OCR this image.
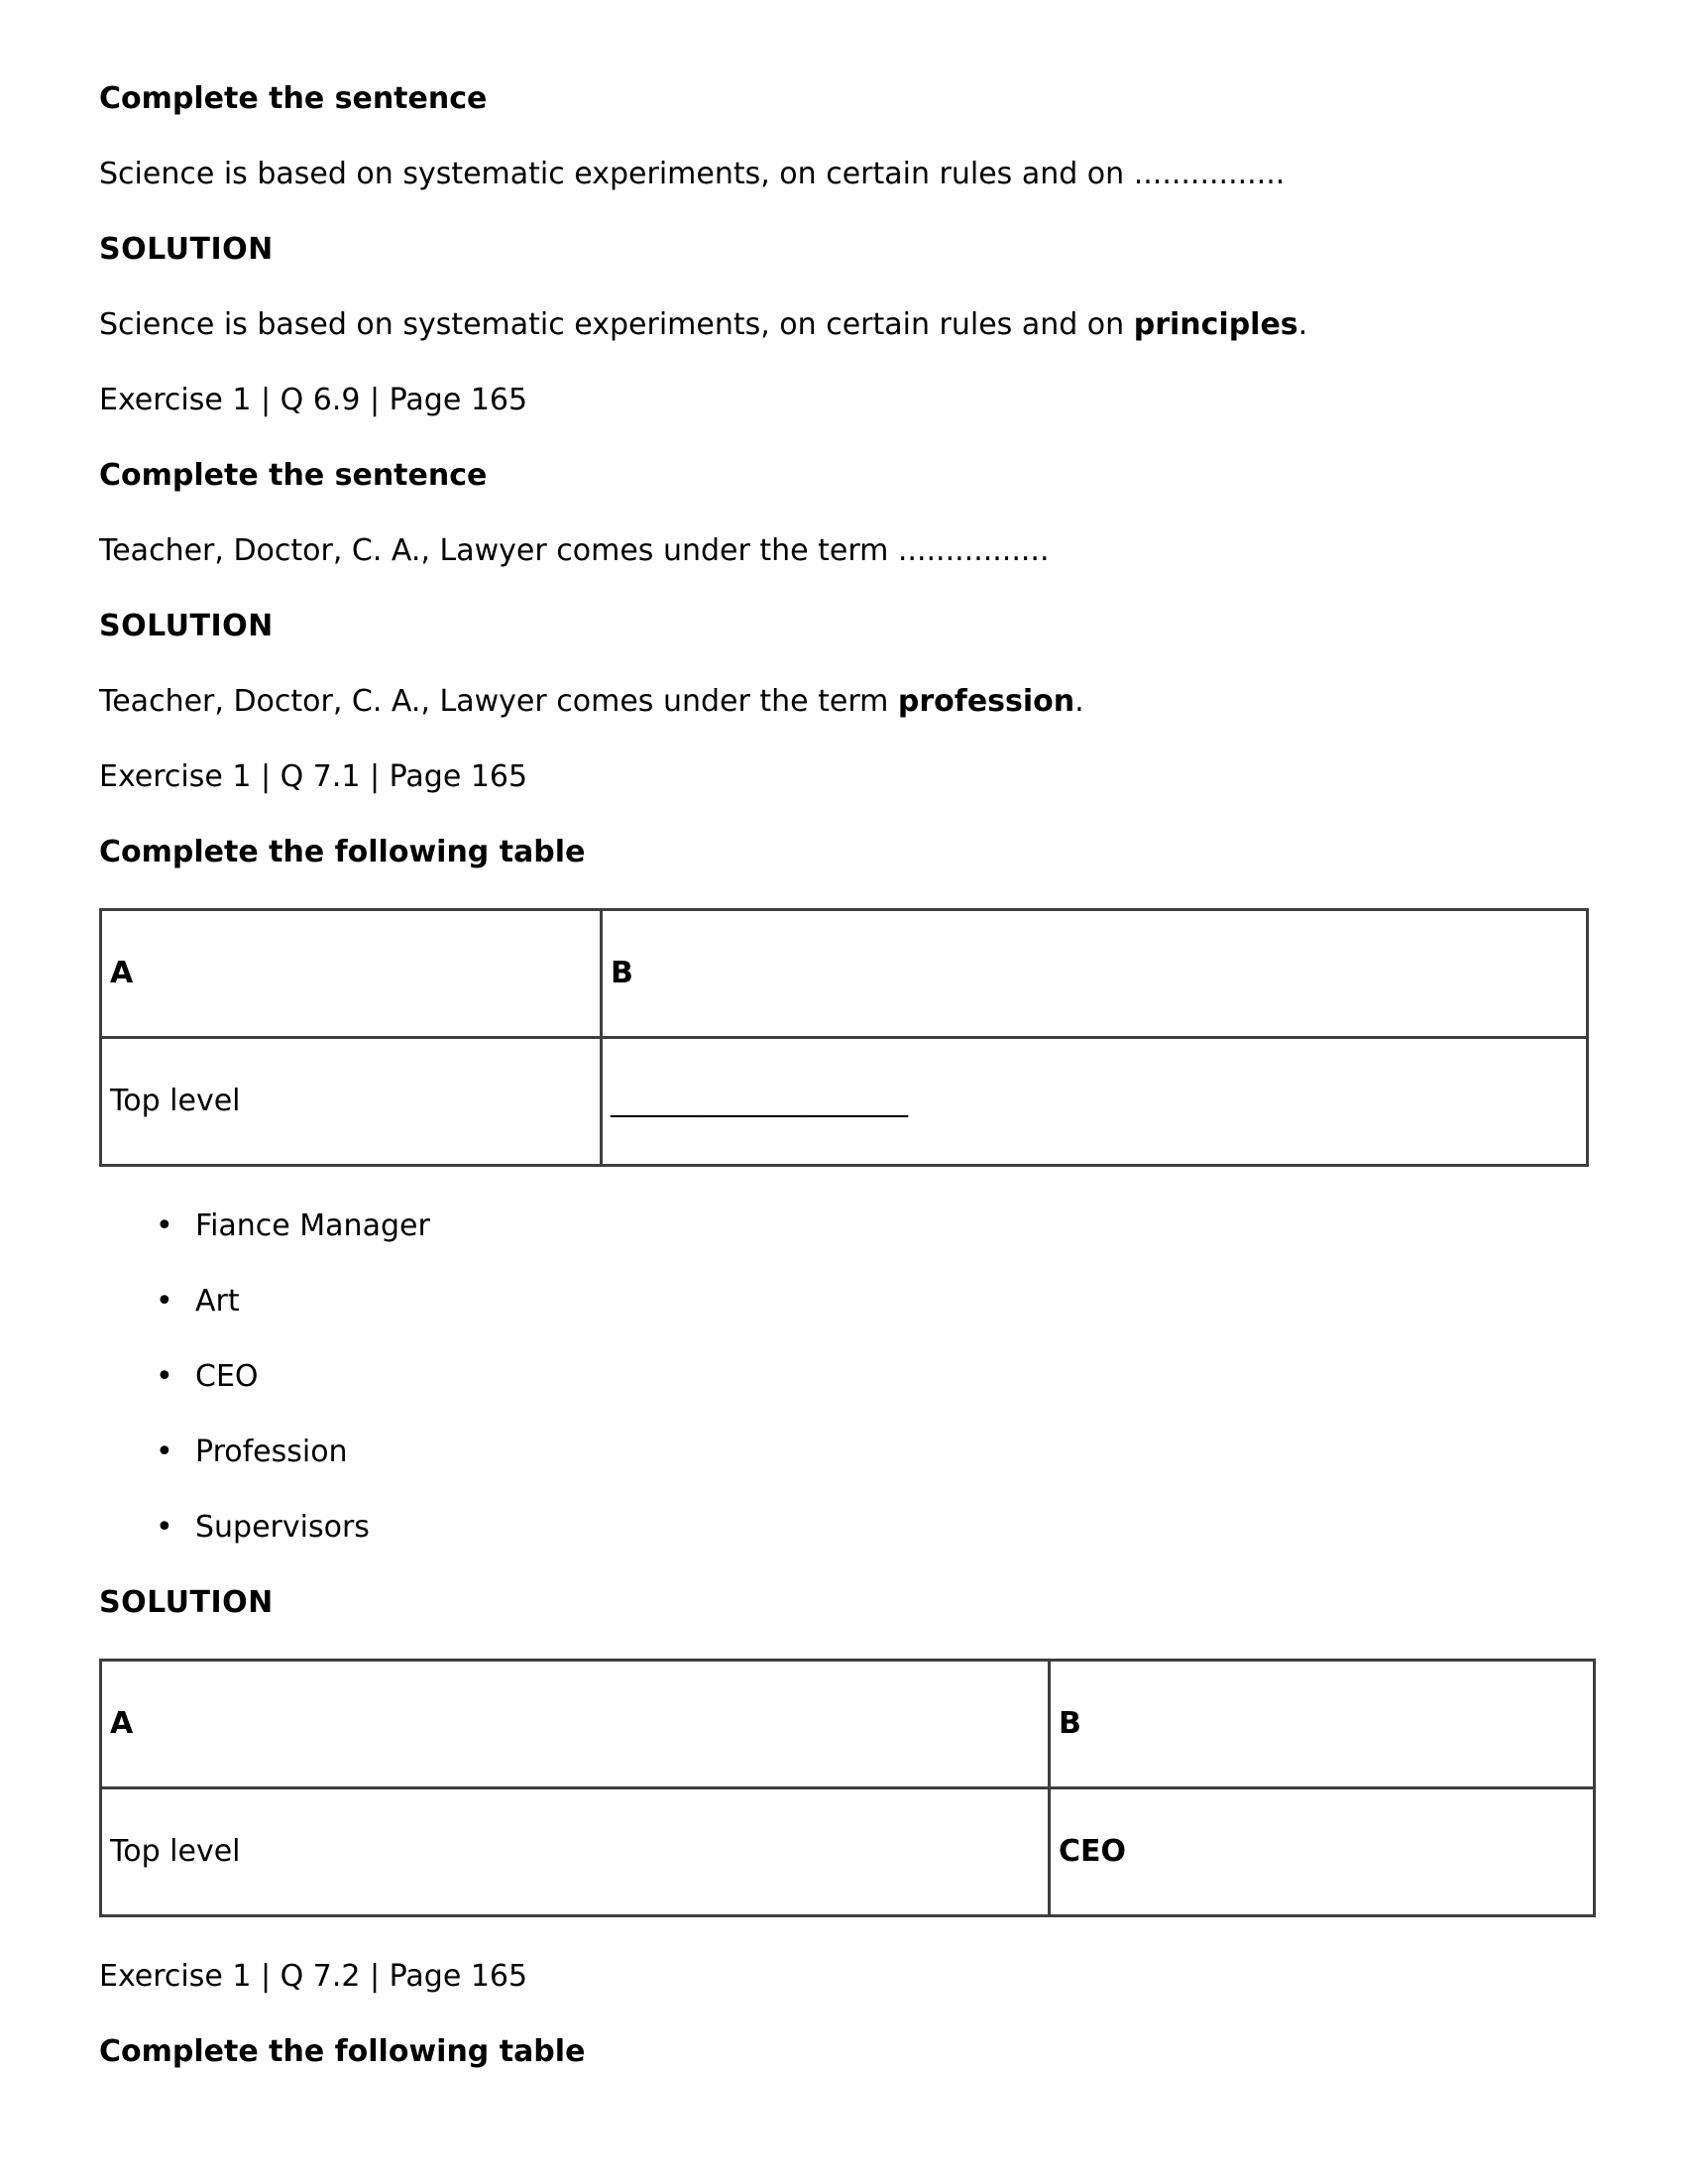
Complete the sentence
Science is based on systematic experiments, on certain rules and on ................
SOLUTION
Science is based on systematic experiments, on certain rules and on principles.
Exercise 1 | Q 6.9 | Page 165
Complete the sentence
Teacher, Doctor, C. A., Lawyer comes under the term ................
SOLUTION
Teacher, Doctor, C. A., Lawyer comes under the term profession.
Exercise 1 | Q 7.1 | Page 165
Complete the following table
A	B
Top level	____________________
• Fiance Manager
• Art
• CEO
• Profession
• Supervisors
SOLUTION
A	B
Top level	CEO
Exercise 1 | Q 7.2 | Page 165
Complete the following table
